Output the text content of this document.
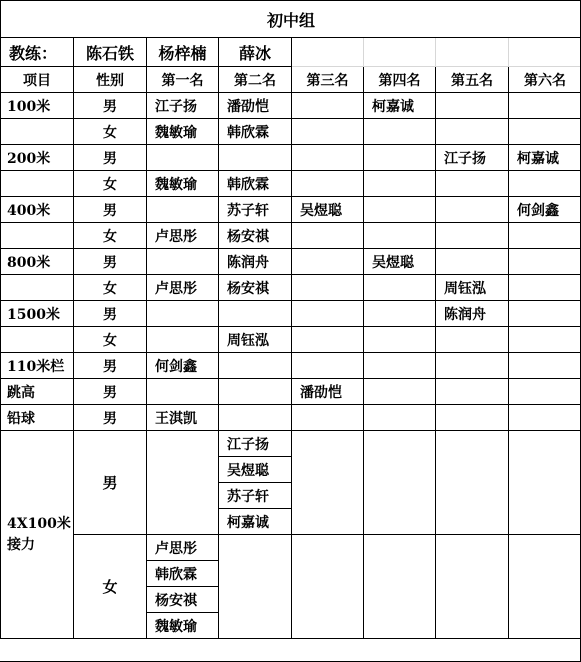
初中组							
教练：	陈石铁	杨梓楠	薛冰				
项目	性别	第一名	第二名	第三名	第四名	第五名	第六名
100米	男	江子扬	潘劭恺		柯嘉诚		
	女	魏敏瑜	韩欣霖				
200米	男					江子扬	柯嘉诚
	女	魏敏瑜	韩欣霖				
400米	男		苏子轩	吴煜聪			何剑鑫
	女	卢思彤	杨安祺				
800米	男		陈润舟		吴煜聪		
	女	卢思彤	杨安祺			周钰泓	
1500米	男					陈润舟	
	女		周钰泓				
110米栏	男	何剑鑫					
跳高	男			潘劭恺			
铅球	男	王淇凯					
4X100米
接力	男		江子扬				
			吴煜聪				
			苏子轩				
			柯嘉诚				
	女	卢思彤					
		韩欣霖					
		杨安祺					
		魏敏瑜					
